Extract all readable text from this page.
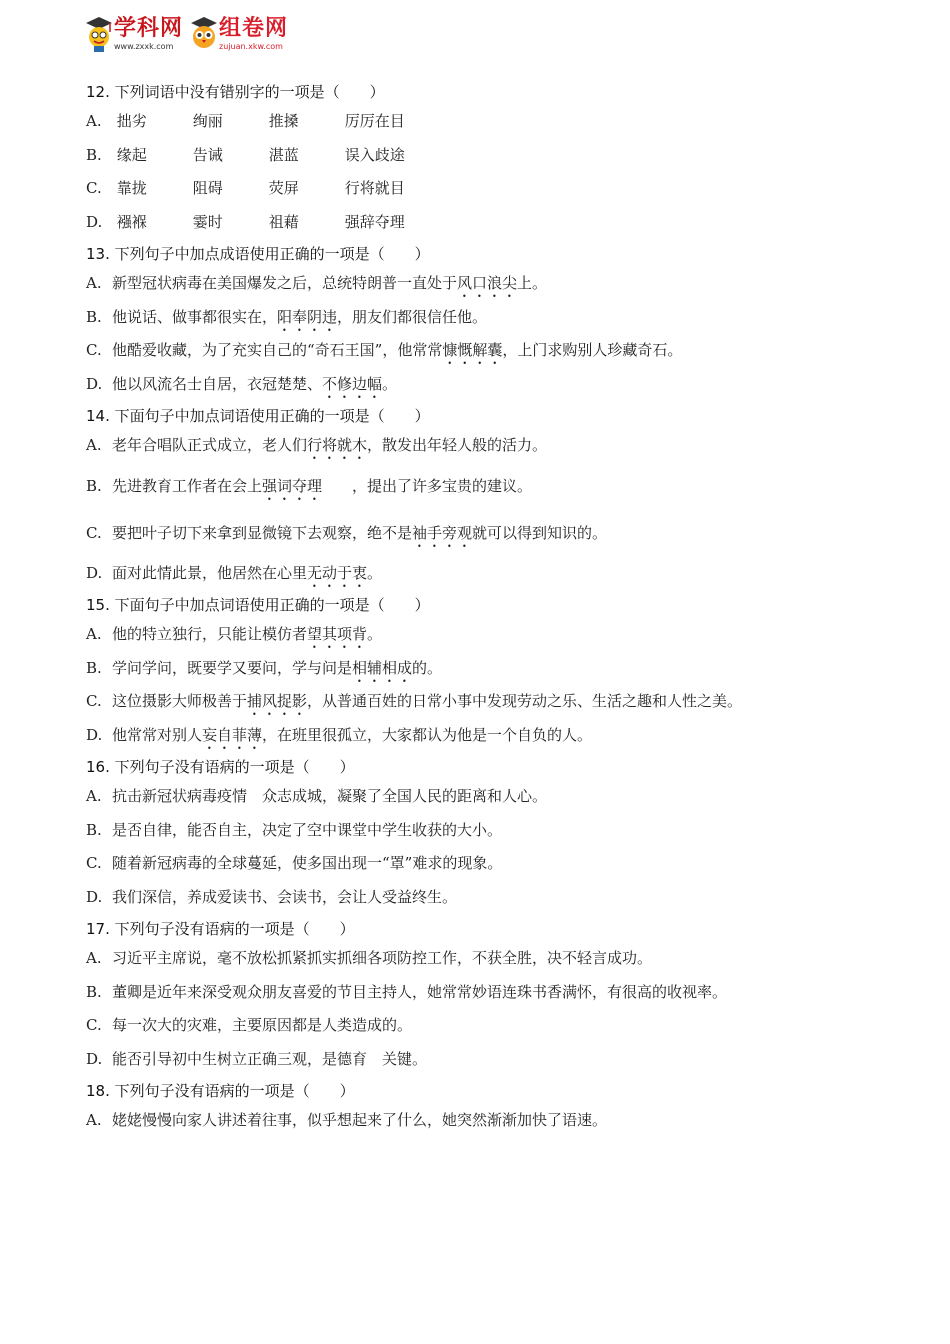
学科网
www.zxxk.com
组卷网
zujuan.xkw.com
12. 下列词语中没有错别字的一项是（　　）
A. 拙劣	绚丽	推搡	厉厉在目
B. 缘起	告诫	湛蓝	误入歧途
C. 靠拢	阻碍	荧屏	行将就目
D. 襁褓	霎时	祖藉	强辞夺理
13. 下列句子中加点成语使用正确的一项是（　　）
A. 新型冠状病毒在美国爆发之后，总统特朗普一直处于风口浪尖上。
B. 他说话、做事都很实在，阳奉阴违，朋友们都很信任他。
C. 他酷爱收藏，为了充实自己的“奇石王国”，他常常慷慨解囊，上门求购别人珍藏奇石。
D. 他以风流名士自居，衣冠楚楚、不修边幅。
14. 下面句子中加点词语使用正确的一项是（　　）
A. 老年合唱队正式成立，老人们行将就木，散发出年轻人般的活力。
B. 先进教育工作者在会上强词夺理 ，提出了许多宝贵的建议。
C. 要把叶子切下来拿到显微镜下去观察，绝不是袖手旁观就可以得到知识的。
D. 面对此情此景，他居然在心里无动于衷。
15. 下面句子中加点词语使用正确的一项是（　　）
A. 他的特立独行，只能让模仿者望其项背。
B. 学问学问，既要学又要问，学与问是相辅相成的。
C. 这位摄影大师极善于捕风捉影，从普通百姓的日常小事中发现劳动之乐、生活之趣和人性之美。
D. 他常常对别人妄自菲薄，在班里很孤立，大家都认为他是一个自负的人。
16. 下列句子没有语病的一项是（　　）
A. 抗击新冠状病毒疫情　众志成城，凝聚了全国人民的距离和人心。
B. 是否自律，能否自主，决定了空中课堂中学生收获的大小。
C. 随着新冠病毒的全球蔓延，使多国出现一“罩”难求的现象。
D. 我们深信，养成爱读书、会读书，会让人受益终生。
17. 下列句子没有语病的一项是（　　）
A. 习近平主席说，毫不放松抓紧抓实抓细各项防控工作，不获全胜，决不轻言成功。
B. 董卿是近年来深受观众朋友喜爱的节目主持人，她常常妙语连珠书香满怀，有很高的收视率。
C. 每一次大的灾难，主要原因都是人类造成的。
D. 能否引导初中生树立正确三观，是德育　关键。
18. 下列句子没有语病的一项是（　　）
A. 姥姥慢慢向家人讲述着往事，似乎想起来了什么，她突然渐渐加快了语速。
